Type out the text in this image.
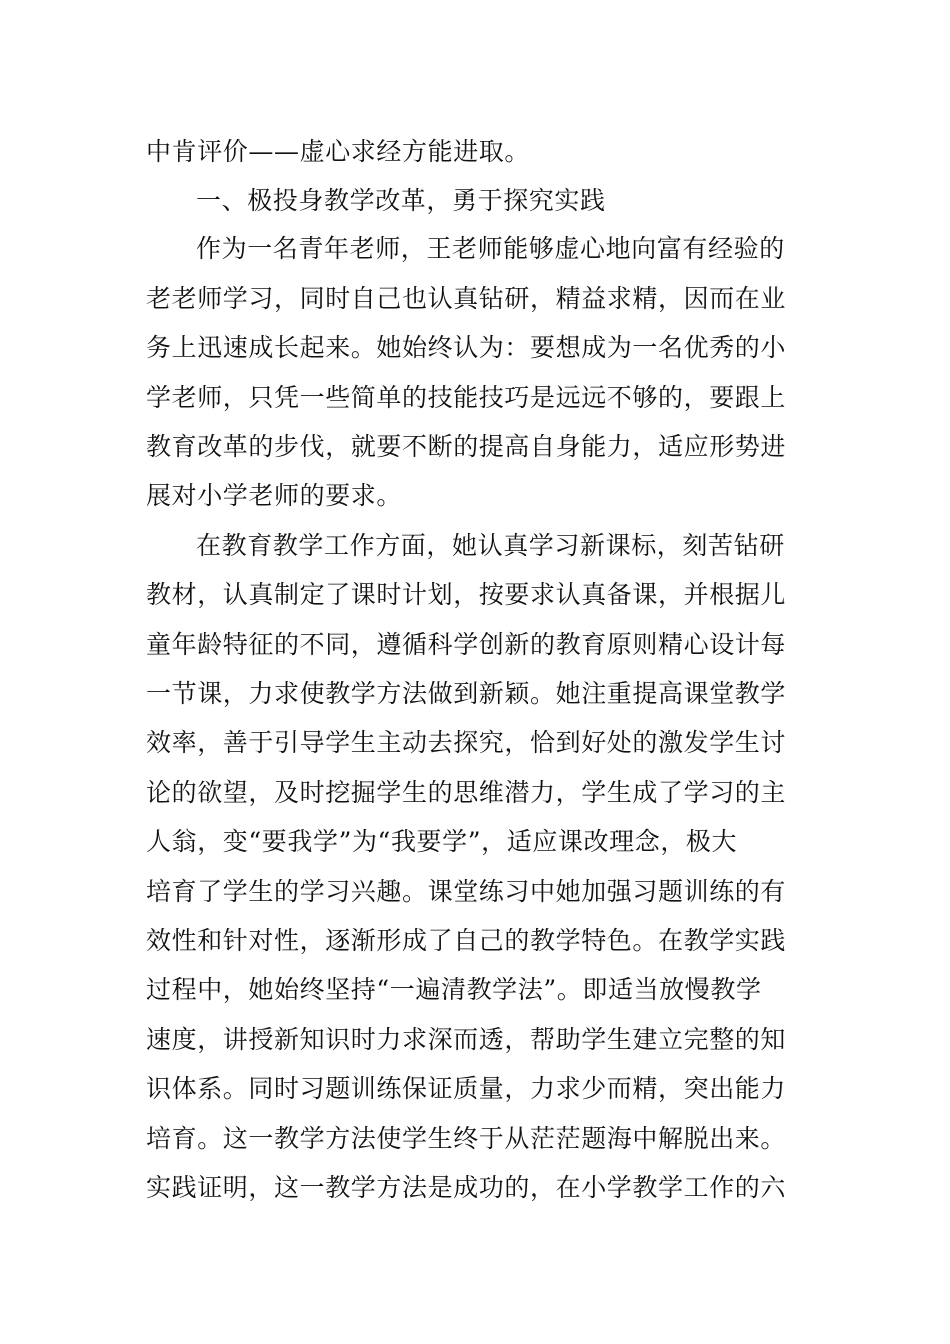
中肯评价——虚心求经方能进取。
一、极投身教学改革，勇于探究实践
作为一名青年老师，王老师能够虚心地向富有经验的
老老师学习，同时自己也认真钻研，精益求精，因而在业
务上迅速成长起来。她始终认为：要想成为一名优秀的小
学老师，只凭一些简单的技能技巧是远远不够的，要跟上
教育改革的步伐，就要不断的提高自身能力，适应形势进
展对小学老师的要求。
在教育教学工作方面，她认真学习新课标，刻苦钻研
教材，认真制定了课时计划，按要求认真备课，并根据儿
童年龄特征的不同，遵循科学创新的教育原则精心设计每
一节课，力求使教学方法做到新颖。她注重提高课堂教学
效率，善于引导学生主动去探究，恰到好处的激发学生讨
论的欲望，及时挖掘学生的思维潜力，学生成了学习的主
人翁，变“要我学”为“我要学”，适应课改理念，极大
培育了学生的学习兴趣。课堂练习中她加强习题训练的有
效性和针对性，逐渐形成了自己的教学特色。在教学实践
过程中，她始终坚持“一遍清教学法”。即适当放慢教学
速度，讲授新知识时力求深而透，帮助学生建立完整的知
识体系。同时习题训练保证质量，力求少而精，突出能力
培育。这一教学方法使学生终于从茫茫题海中解脱出来。
实践证明，这一教学方法是成功的，在小学教学工作的六
